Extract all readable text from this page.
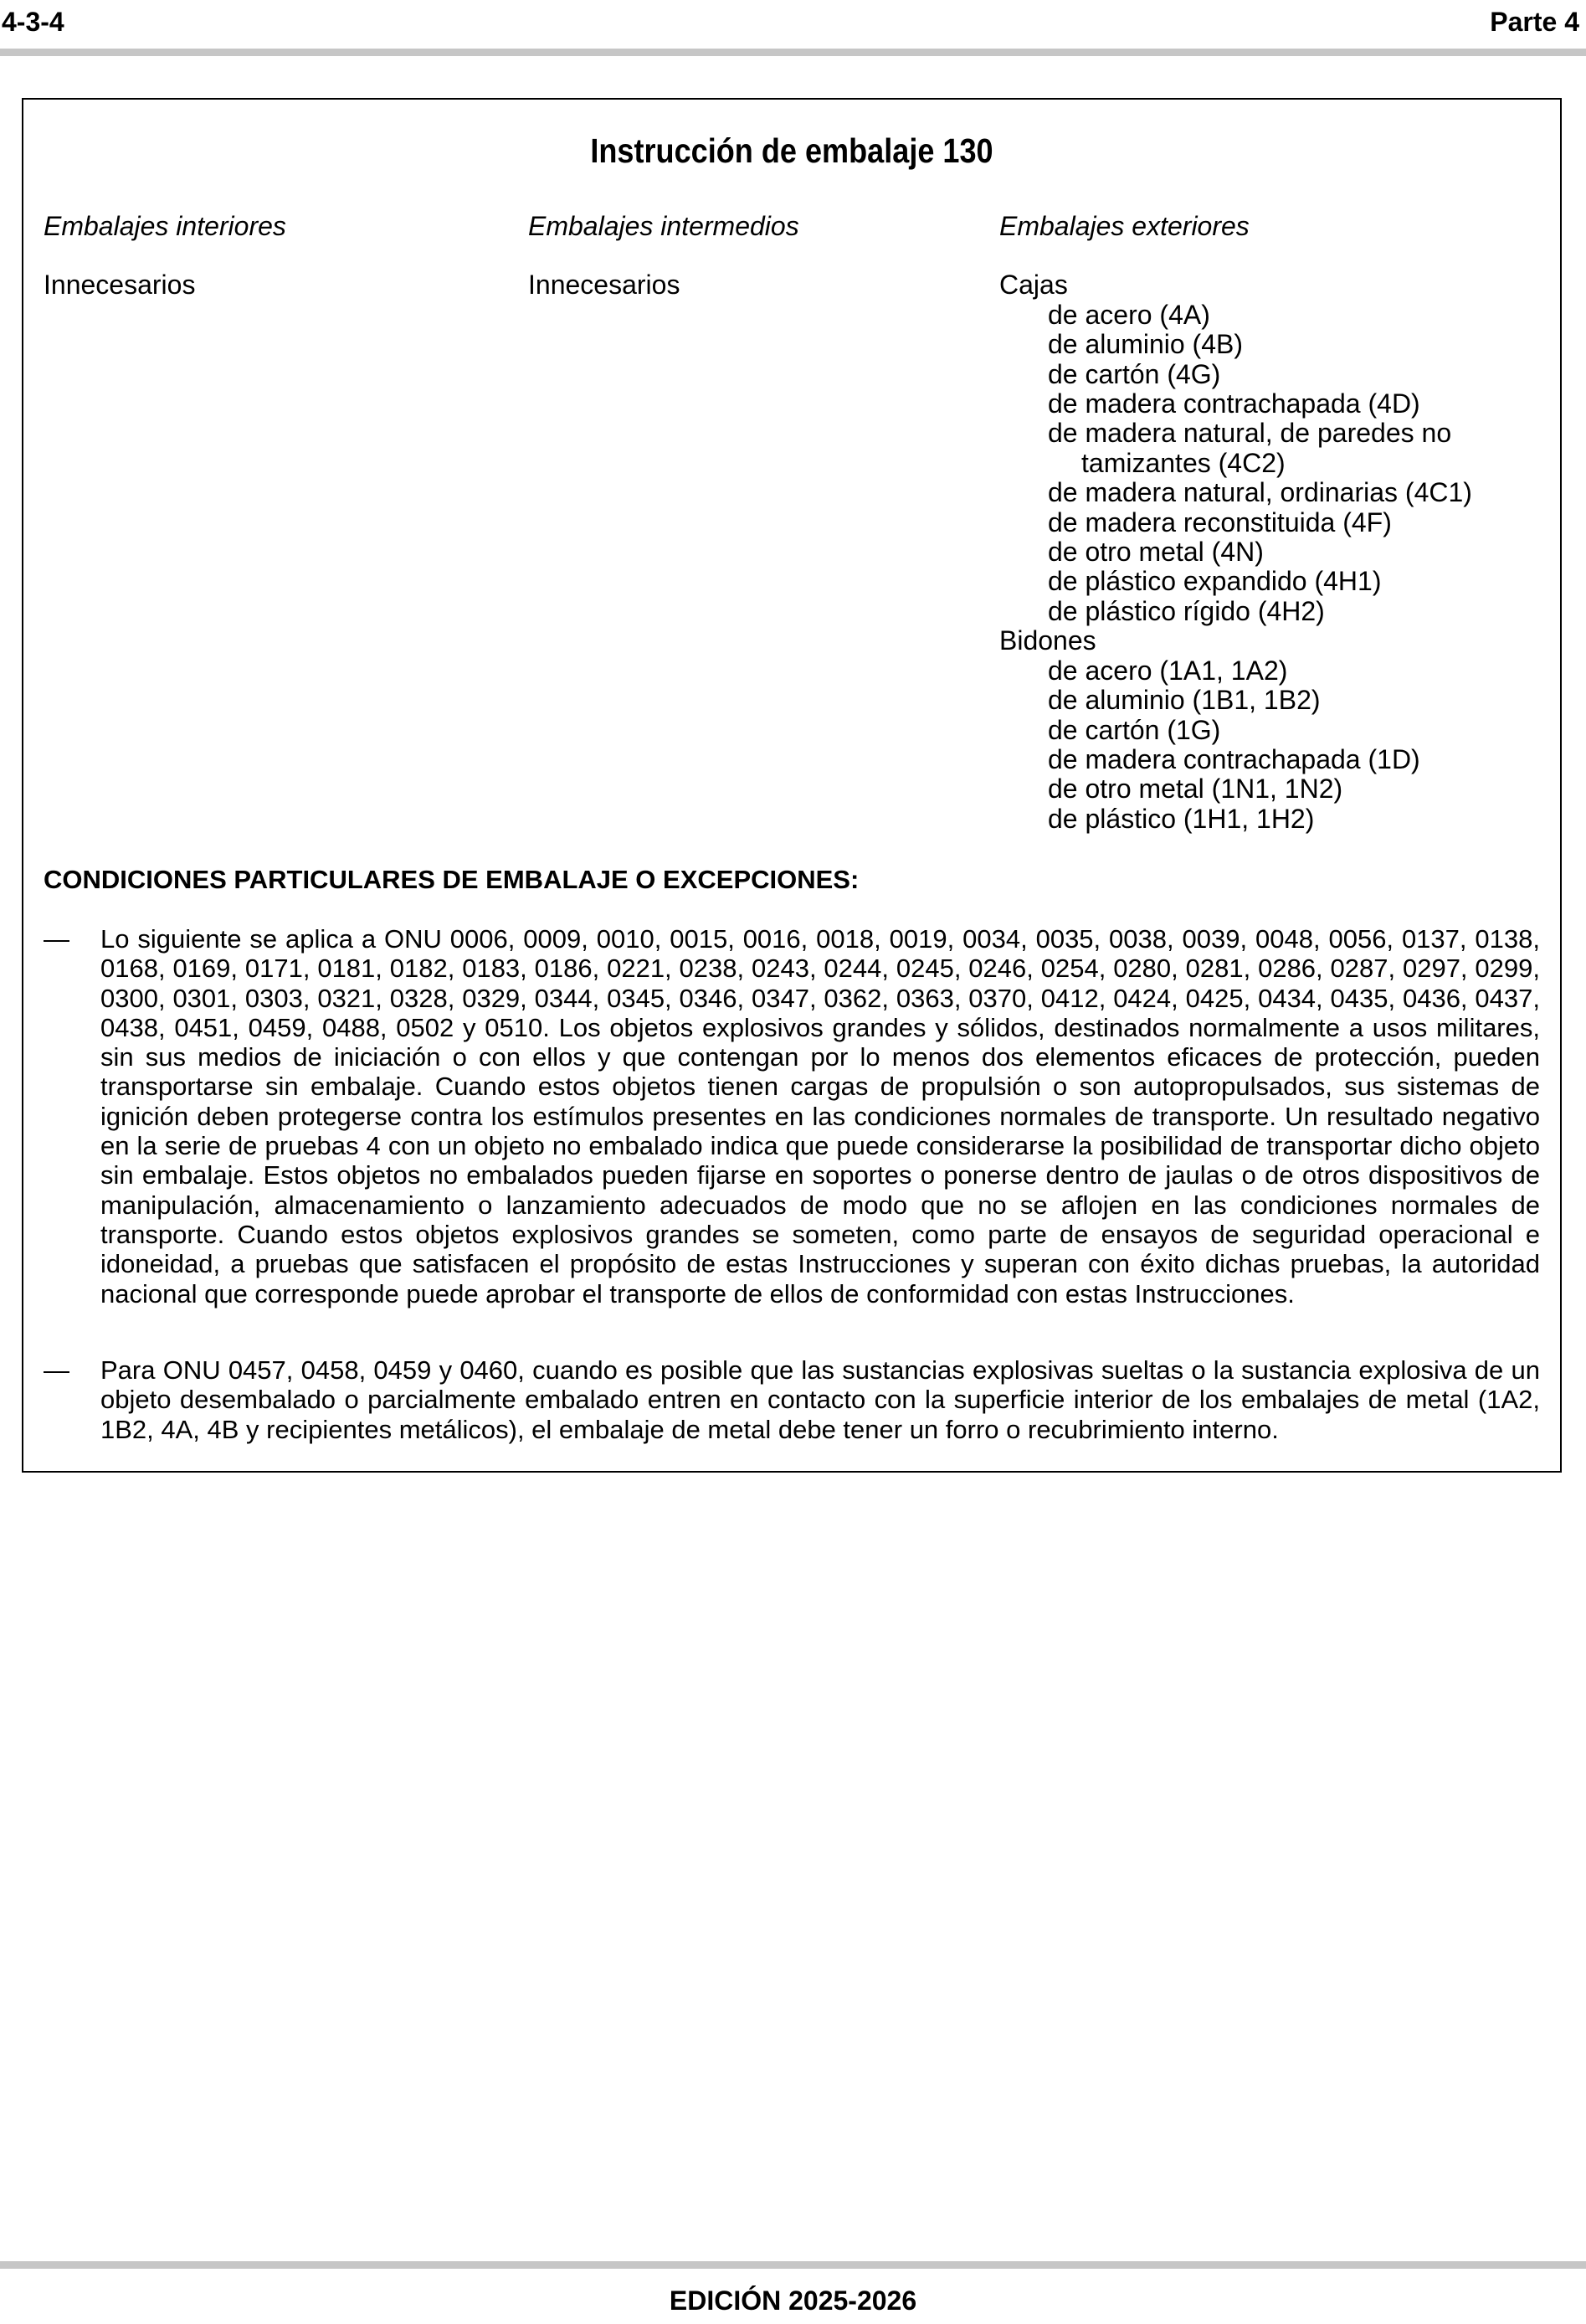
4-3-4	Parte 4
Instrucción de embalaje 130
Embalajes interiores
Innecesarios
Embalajes intermedios
Innecesarios
Embalajes exteriores
Cajas
de acero (4A)
de aluminio (4B)
de cartón (4G)
de madera contrachapada (4D)
de madera natural, de paredes no
tamizantes (4C2)
de madera natural, ordinarias (4C1)
de madera reconstituida (4F)
de otro metal (4N)
de plástico expandido (4H1)
de plástico rígido (4H2)
Bidones
de acero (1A1, 1A2)
de aluminio (1B1, 1B2)
de cartón (1G)
de madera contrachapada (1D)
de otro metal (1N1, 1N2)
de plástico (1H1, 1H2)
CONDICIONES PARTICULARES DE EMBALAJE O EXCEPCIONES:
— Lo siguiente se aplica a ONU 0006, 0009, 0010, 0015, 0016, 0018, 0019, 0034, 0035, 0038, 0039, 0048, 0056, 0137, 0138, 0168, 0169, 0171, 0181, 0182, 0183, 0186, 0221, 0238, 0243, 0244, 0245, 0246, 0254, 0280, 0281, 0286, 0287, 0297, 0299, 0300, 0301, 0303, 0321, 0328, 0329, 0344, 0345, 0346, 0347, 0362, 0363, 0370, 0412, 0424, 0425, 0434, 0435, 0436, 0437, 0438, 0451, 0459, 0488, 0502 y 0510. Los objetos explosivos grandes y sólidos, destinados normalmente a usos militares, sin sus medios de iniciación o con ellos y que contengan por lo menos dos elementos eficaces de protección, pueden transportarse sin embalaje. Cuando estos objetos tienen cargas de propulsión o son autopropulsados, sus sistemas de ignición deben protegerse contra los estímulos presentes en las condiciones normales de transporte. Un resultado negativo en la serie de pruebas 4 con un objeto no embalado indica que puede considerarse la posibilidad de transportar dicho objeto sin embalaje. Estos objetos no embalados pueden fijarse en soportes o ponerse dentro de jaulas o de otros dispositivos de manipulación, almacenamiento o lanzamiento adecuados de modo que no se aflojen en las condiciones normales de transporte. Cuando estos objetos explosivos grandes se someten, como parte de ensayos de seguridad operacional e idoneidad, a pruebas que satisfacen el propósito de estas Instrucciones y superan con éxito dichas pruebas, la autoridad nacional que corresponde puede aprobar el transporte de ellos de conformidad con estas Instrucciones.
— Para ONU 0457, 0458, 0459 y 0460, cuando es posible que las sustancias explosivas sueltas o la sustancia explosiva de un objeto desembalado o parcialmente embalado entren en contacto con la superficie interior de los embalajes de metal (1A2, 1B2, 4A, 4B y recipientes metálicos), el embalaje de metal debe tener un forro o recubrimiento interno.
EDICIÓN 2025-2026
